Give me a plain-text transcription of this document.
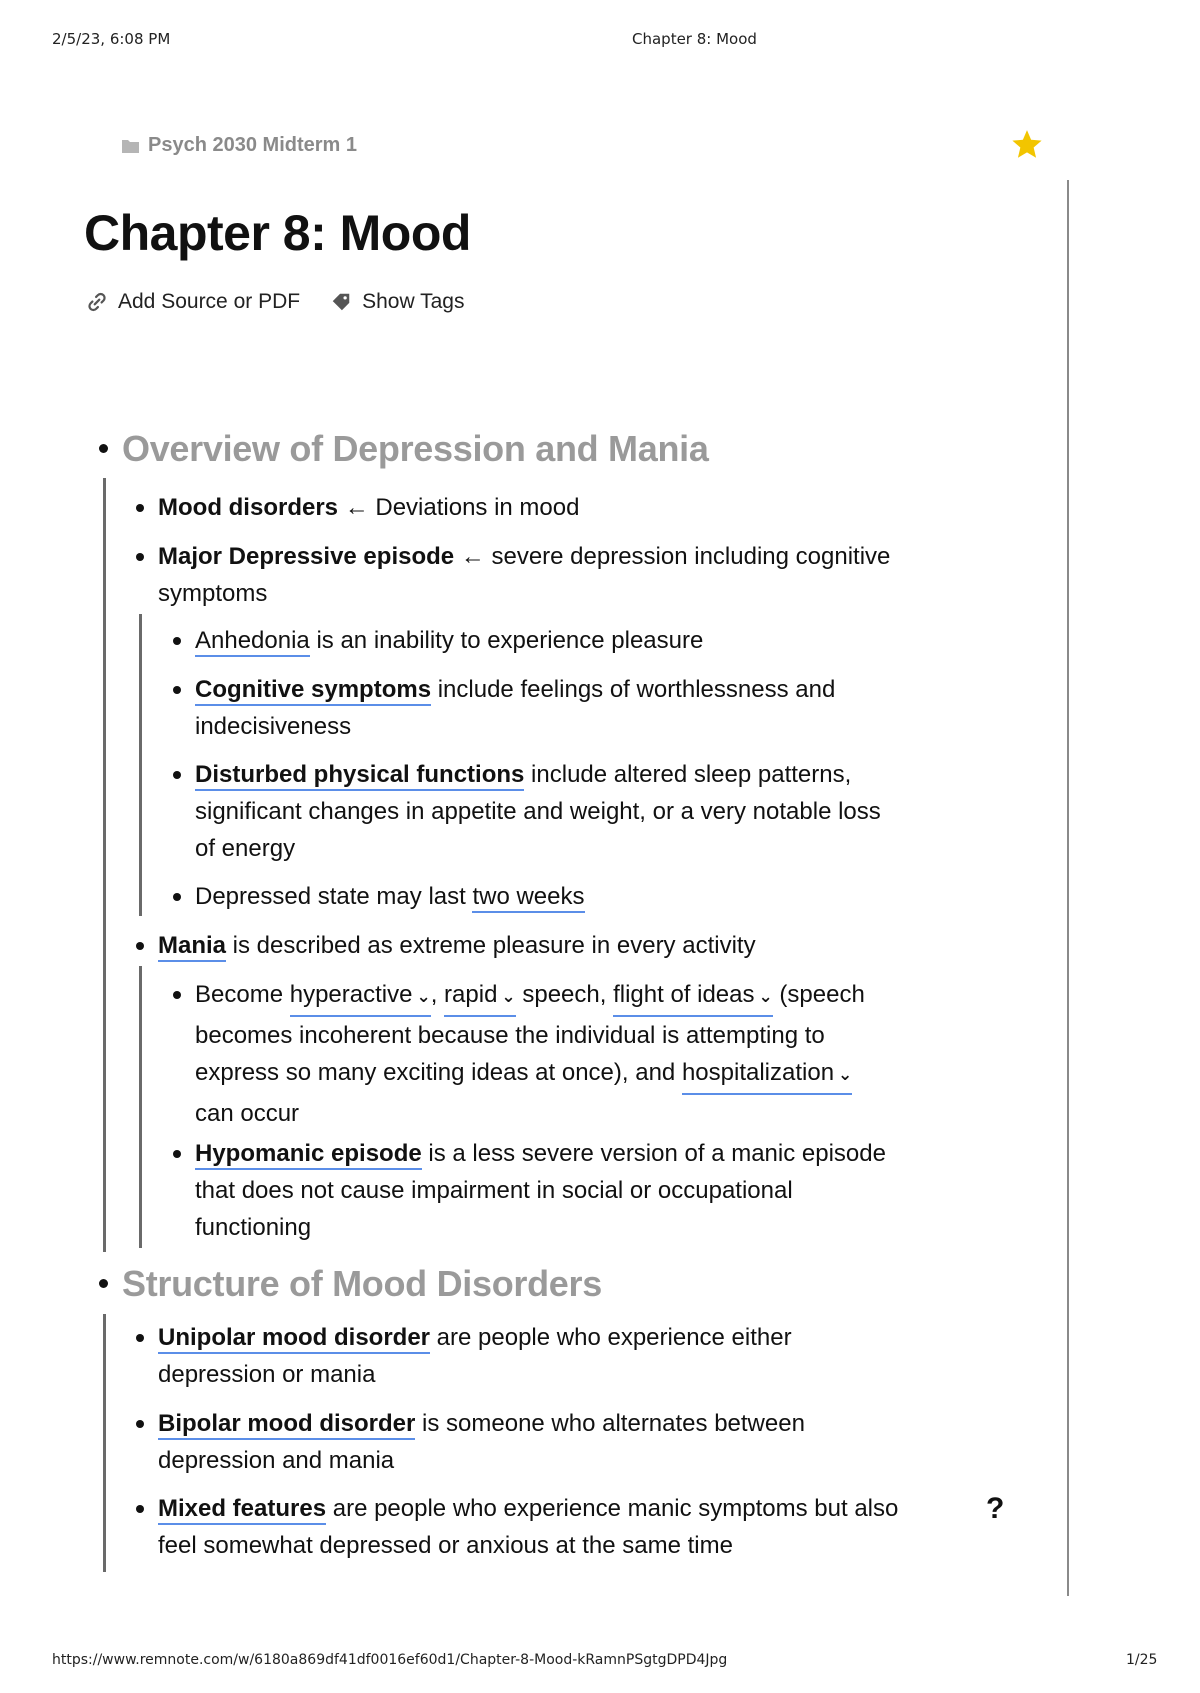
2/5/23, 6:08 PM	Chapter 8: Mood
https://www.remnote.com/w/6180a869df41df0016ef60d1/Chapter-8-Mood-kRamnPSgtgDPD4Jpg	1/25
Psych 2030 Midterm 1
Chapter 8: Mood
Add Source or PDF	Show Tags
Overview of Depression and Mania
Mood disorders ← Deviations in mood
Major Depressive episode ← severe depression including cognitive
symptoms
Anhedonia is an inability to experience pleasure
Cognitive symptoms include feelings of worthlessness and
indecisiveness
Disturbed physical functions include altered sleep patterns,
significant changes in appetite and weight, or a very notable loss
of energy
Depressed state may last two weeks
Mania is described as extreme pleasure in every activity
Become hyperactive ⌄, rapid ⌄ speech, flight of ideas ⌄ (speech
becomes incoherent because the individual is attempting to
express so many exciting ideas at once), and hospitalization ⌄
can occur
Hypomanic episode is a less severe version of a manic episode
that does not cause impairment in social or occupational
functioning
Structure of Mood Disorders
Unipolar mood disorder are people who experience either
depression or mania
Bipolar mood disorder is someone who alternates between
depression and mania
Mixed features are people who experience manic symptoms but also
feel somewhat depressed or anxious at the same time
?
